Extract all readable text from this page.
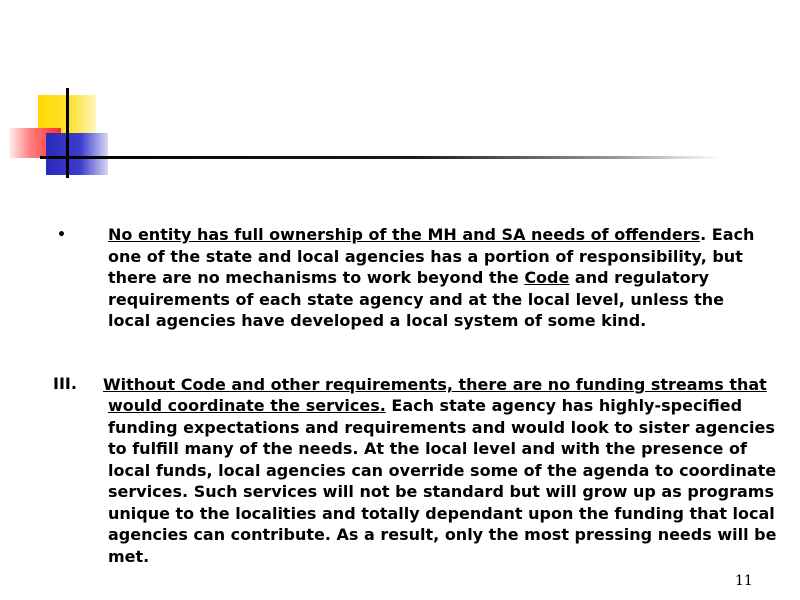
•	No entity has full ownership of the MH and SA needs of offenders. Each one of the state and local agencies has a portion of responsibility, but there are no mechanisms to work beyond the Code and regulatory requirements of each state agency and at the local level, unless the local agencies have developed a local system of some kind.
III. Without Code and other requirements, there are no funding streams that
would coordinate the services. Each state agency has highly-specified funding expectations and requirements and would look to sister agencies to fulfill many of the needs. At the local level and with the presence of local funds, local agencies can override some of the agenda to coordinate services. Such services will not be standard but will grow up as programs unique to the localities and totally dependant upon the funding that local agencies can contribute. As a result, only the most pressing needs will be met.
11
